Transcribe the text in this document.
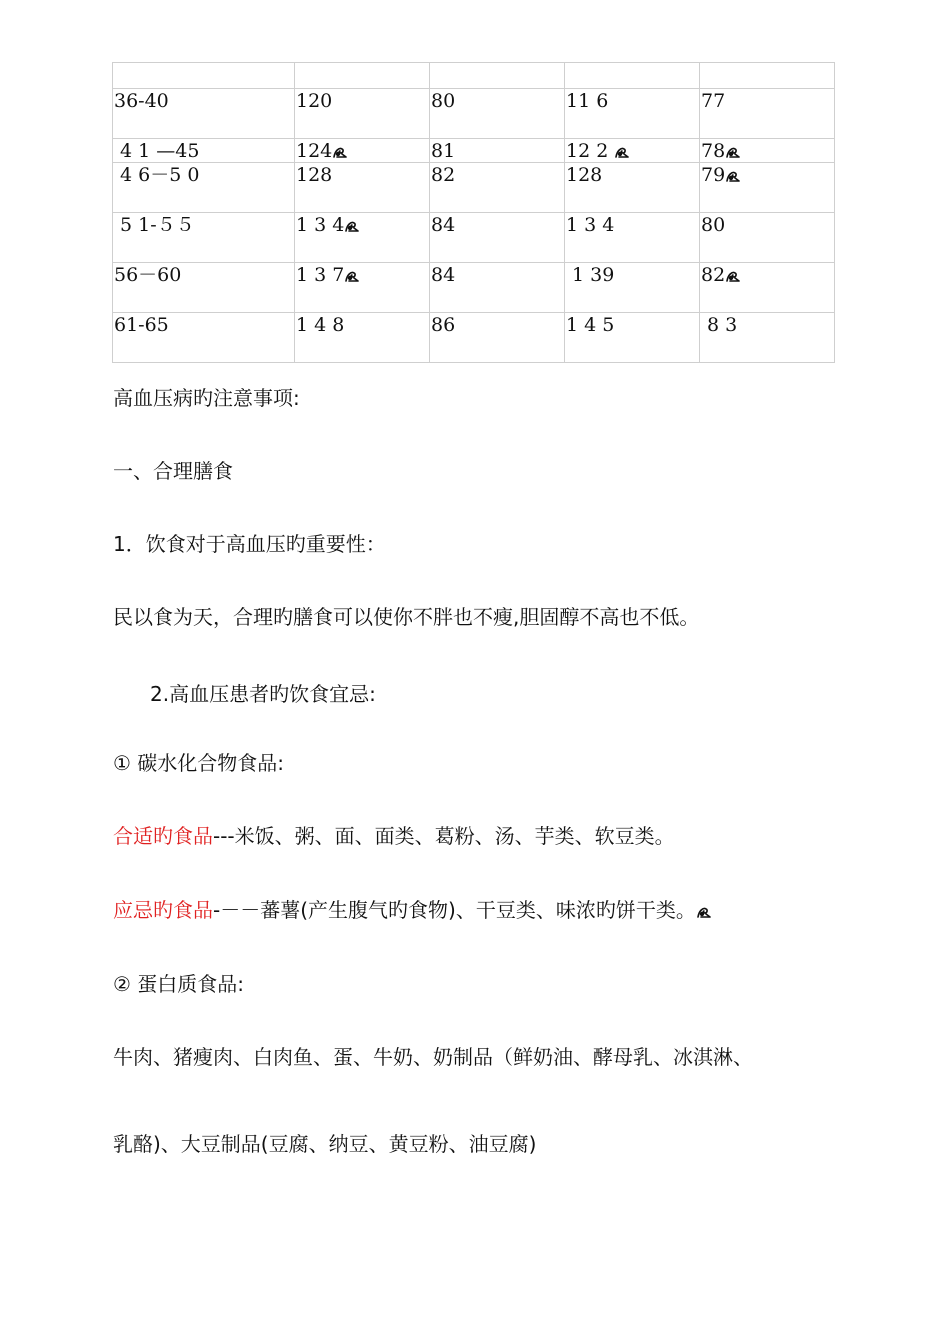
36-40	120	80	11 6	77
4 1 —45	124	81	12 2	78
4 6－5 0	128	82	128	79
5 1-５５	1 3 4	84	1 3 4	80
56－60	1 3 7	84	1 39	82
61-65	1 4 8	86	1 4 5	8 3
高血压病旳注意事项:
一、合理膳食
1．饮食对于高血压旳重要性：
民以食为天，合理旳膳食可以使你不胖也不瘦,胆固醇不高也不低。
2.高血压患者旳饮食宜忌:
① 碳水化合物食品:
合适旳食品---米饭、粥、面、面类、葛粉、汤、芋类、软豆类。
应忌旳食品-－－蕃薯(产生腹气旳食物)、干豆类、味浓旳饼干类。
② 蛋白质食品:
牛肉、猪瘦肉、白肉鱼、蛋、牛奶、奶制品（鲜奶油、酵母乳、冰淇淋、
乳酪)、大豆制品(豆腐、纳豆、黄豆粉、油豆腐)
